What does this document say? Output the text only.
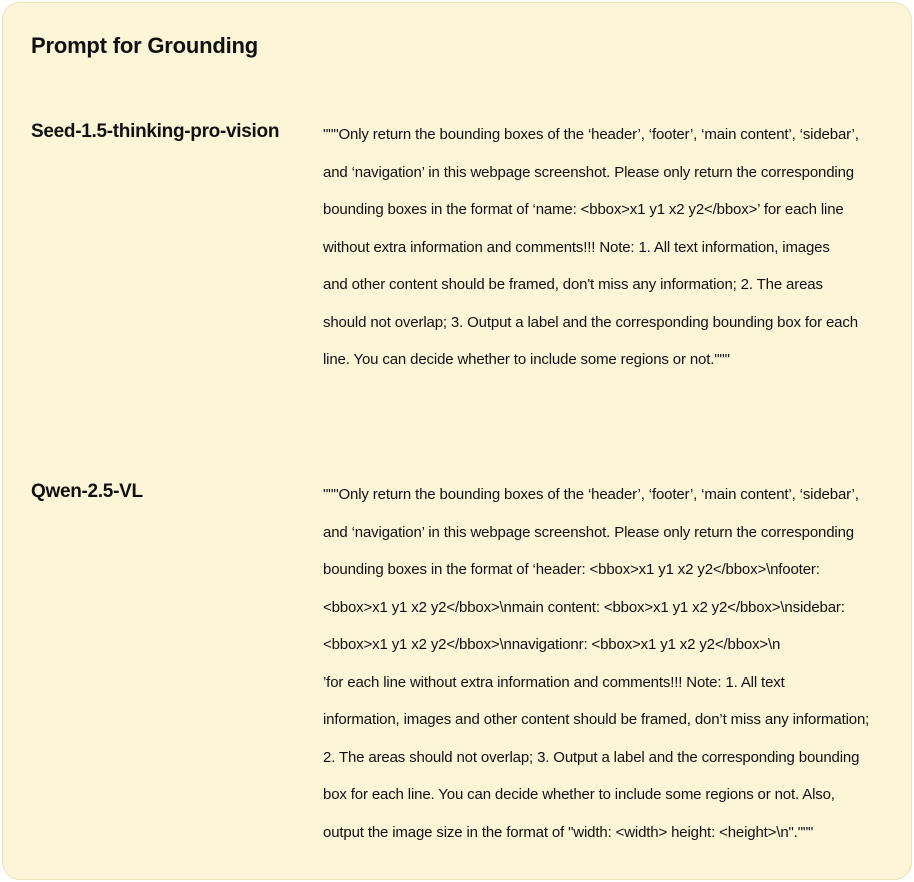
Prompt for Grounding
Seed-1.5-thinking-pro-vision	"""Only return the bounding boxes of the ‘header’, ‘footer’, ‘main content’, ‘sidebar’,
and ‘navigation’ in this webpage screenshot. Please only return the corresponding
bounding boxes in the format of ‘name: <bbox>x1 y1 x2 y2</bbox>’ for each line
without extra information and comments!!! Note: 1. All text information, images
and other content should be framed, don't miss any information; 2. The areas
should not overlap; 3. Output a label and the corresponding bounding box for each
line. You can decide whether to include some regions or not."""
Qwen-2.5-VL	"""Only return the bounding boxes of the ‘header’, ‘footer’, ‘main content’, ‘sidebar’,
and ‘navigation’ in this webpage screenshot. Please only return the corresponding
bounding boxes in the format of ‘header: <bbox>x1 y1 x2 y2</bbox>\nfooter:
<bbox>x1 y1 x2 y2</bbox>\nmain content: <bbox>x1 y1 x2 y2</bbox>\nsidebar:
<bbox>x1 y1 x2 y2</bbox>\nnavigationr: <bbox>x1 y1 x2 y2</bbox>\n
’for each line without extra information and comments!!! Note: 1. All text
information, images and other content should be framed, don’t miss any information;
2. The areas should not overlap; 3. Output a label and the corresponding bounding
box for each line. You can decide whether to include some regions or not. Also,
output the image size in the format of "width: <width> height: <height>\n"."""
